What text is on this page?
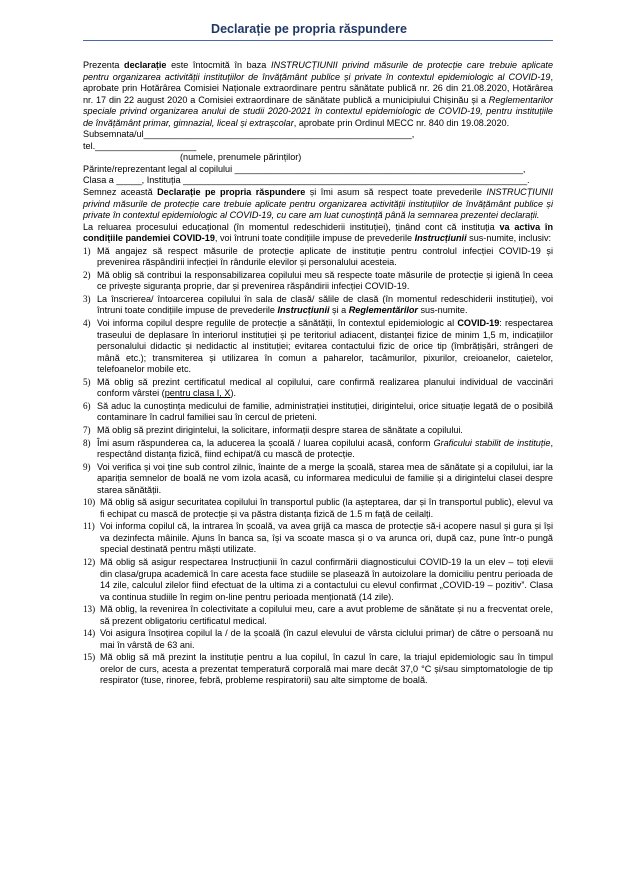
Declarație pe propria răspundere

Prezenta declarație este întocmită în baza INSTRUCȚIUNII privind măsurile de protecție care trebuie aplicate pentru organizarea activității instituțiilor de învățământ publice și private în contextul epidemiologic al COVID-19, aprobate prin Hotărârea Comisiei Naționale extraordinare pentru sănătate publică nr. 26 din 21.08.2020, Hotărârea nr. 17 din 22 august 2020 a Comisiei extraordinare de sănătate publică a municipiului Chișinău și a Reglementarilor speciale privind organizarea anului de studii 2020-2021 în contextul epidemiologic de COVID-19, pentru instituțiile de învățământ primar, gimnazial, liceal și extrașcolar, aprobate prin Ordinul MECC nr. 840 din 19.08.2020.

Subsemnata/ul_____________________________________________________,

tel.____________________

(numele, prenumele părinților)

Părinte/reprezentant legal al copilului _________________________________________________________,

Clasa a _____, Instituția ____________________________________________________________________.

Semnez această Declarație pe propria răspundere și îmi asum să respect toate prevederile INSTRUCȚIUNII privind măsurile de protecție care trebuie aplicate pentru organizarea activității instituțiilor de învățământ publice și private în contextul epidemiologic al COVID-19, cu care am luat cunoștință până la semnarea prezentei declarații.

La reluarea procesului educațional (în momentul redeschiderii instituției), ținând cont că instituția va activa în condițiile pandemiei COVID-19, voi întruni toate condițiile impuse de prevederile Instrucțiunii sus-numite, inclusiv:

1) Mă angajez să respect măsurile de protecție aplicate de instituție pentru controlul infecției COVID-19 și prevenirea răspândirii infecției în rândurile elevilor și personalului acesteia.
2) Mă oblig să contribui la responsabilizarea copilului meu să respecte toate măsurile de protecție și igienă în ceea ce privește siguranța proprie, dar și prevenirea răspândirii infecției COVID-19.
3) La înscrierea/ întoarcerea copilului în sala de clasă/ sălile de clasă (în momentul redeschiderii instituției), voi întruni toate condițiile impuse de prevederile Instrucțiunii și a Reglementărilor sus-numite.
4) Voi informa copilul despre regulile de protecție a sănătății, în contextul epidemiologic al COVID-19: respectarea traseului de deplasare în interiorul instituției și pe teritoriul adiacent, distanței fizice de minim 1,5 m, indicațiilor personalului didactic și nedidactic al instituției; evitarea contactului fizic de orice tip (îmbrățișări, strângeri de mână etc.); transmiterea și utilizarea în comun a paharelor, tacâmurilor, pixurilor, creioanelor, caietelor, telefoanelor mobile etc.
5) Mă oblig să prezint certificatul medical al copilului, care confirmă realizarea planului individual de vaccinări conform vârstei (pentru clasa I, X).
6) Să aduc la cunoștința medicului de familie, administrației instituției, dirigintelui, orice situație legată de o posibilă contaminare în cadrul familiei sau în cercul de prieteni.
7) Mă oblig să prezint dirigintelui, la solicitare, informații despre starea de sănătate a copilului.
8) Îmi asum răspunderea ca, la aducerea la școală / luarea copilului acasă, conform Graficului stabilit de instituție, respectând distanța fizică, fiind echipat/ă cu mască de protecție.
9) Voi verifica și voi ține sub control zilnic, înainte de a merge la școală, starea mea de sănătate și a copilului, iar la apariția semnelor de boală ne vom izola acasă, cu informarea medicului de familie și a dirigintelui clasei despre starea sănătății.
10) Mă oblig să asigur securitatea copilului în transportul public (la așteptarea, dar și în transportul public), elevul va fi echipat cu mască de protecție și va păstra distanța fizică de 1.5 m față de ceilalți.
11) Voi informa copilul că, la intrarea în școală, va avea grijă ca masca de protecție să-i acopere nasul și gura și își va dezinfecta mâinile. Ajuns în banca sa, își va scoate masca și o va arunca ori, după caz, pune într-o pungă special destinată pentru măști utilizate.
12) Mă oblig să asigur respectarea Instrucțiunii în cazul confirmării diagnosticului COVID-19 la un elev – toți elevii din clasa/grupa academică în care acesta face studiile se plasează în autoizolare la domiciliu pentru perioada de 14 zile, calculul zilelor fiind efectuat de la ultima zi a contactului cu elevul confirmat „COVID-19 – pozitiv”. Clasa va continua studiile în regim on-line pentru perioada menționată (14 zile).
13) Mă oblig, la revenirea în colectivitate a copilului meu, care a avut probleme de sănătate și nu a frecventat orele, să prezent obligatoriu certificatul medical.
14) Voi asigura însoțirea copilul la / de la școală (în cazul elevului de vârsta ciclului primar) de către o persoană nu mai în vârstă de 63 ani.
15) Mă oblig să mă prezint la instituție pentru a lua copilul, în cazul în care, la triajul epidemiologic sau în timpul orelor de curs, acesta a prezentat temperatură corporală mai mare decât 37,0 °C și/sau simptomatologie de tip respirator (tuse, rinoree, febră, probleme respiratorii) sau alte simptome de boală.
